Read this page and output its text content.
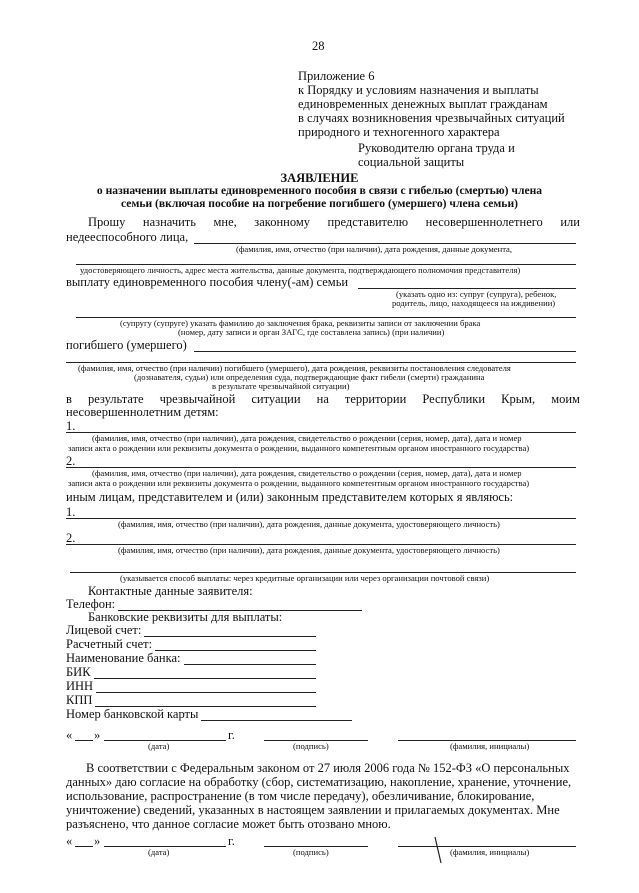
28
Приложение 6
к Порядку и условиям назначения и выплаты
единовременных денежных выплат гражданам
в случаях возникновения чрезвычайных ситуаций
природного и техногенного характера
Руководителю органа труда и
социальной защиты
ЗАЯВЛЕНИЕ
о назначении выплаты единовременного пособия в связи с гибелью (смертью) члена
семьи (включая пособие на погребение погибшего (умершего) члена семьи)
Прошу назначить мне, законному представителю несовершеннолетнего или
недееспособного лица,
(фамилия, имя, отчество (при наличии), дата рождения, данные документа,
удостоверяющего личность, адрес места жительства, данные документа, подтверждающего полномочия представителя)
выплату единовременного пособия члену(-ам) семьи
(указать одно из: супруг (супруга), ребенок,
родитель, лицо, находящееся на иждивении)
(супругу (супруге) указать фамилию до заключения брака, реквизиты записи от заключении брака
(номер, дату записи и орган ЗАГС, где составлена запись) (при наличии)
погибшего (умершего)
(фамилия, имя, отчество (при наличии) погибшего (умершего), дата рождения, реквизиты постановления следователя
(дознавателя, судьи) или определения суда, подтверждающие факт гибели (смерти) гражданина
в результате чрезвычайной ситуации)
в результате чрезвычайной ситуации на территории Республики Крым, моим
несовершеннолетним детям:
1.
(фамилия, имя, отчество (при наличии), дата рождения, свидетельство о рождении (серия, номер, дата), дата и номер
записи акта о рождении или реквизиты документа о рождении, выданного компетентным органом иностранного государства)
2.
(фамилия, имя, отчество (при наличии), дата рождения, свидетельство о рождении (серия, номер, дата), дата и номер
записи акта о рождении или реквизиты документа о рождении, выданного компетентным органом иностранного государства)
иным лицам, представителем и (или) законным представителем которых я являюсь:
1.
(фамилия, имя, отчество (при наличии), дата рождения, данные документа, удостоверяющего личность)
2.
(фамилия, имя, отчество (при наличии), дата рождения, данные документа, удостоверяющего личность)
(указывается способ выплаты: через кредитные организации или через организации почтовой связи)
Контактные данные заявителя:
Телефон:
Банковские реквизиты для выплаты:
Лицевой счет:
Расчетный счет:
Наименование банка:
БИК
ИНН
КПП
Номер банковской карты
« »	г.
(дата)	(подпись)	(фамилия, инициалы)
В соответствии с Федеральным законом от 27 июля 2006 года № 152-ФЗ «О персональных
данных» даю согласие на обработку (сбор, систематизацию, накопление, хранение, уточнение,
использование, распространение (в том числе передачу), обезличивание, блокирование,
уничтожение) сведений, указанных в настоящем заявлении и прилагаемых документах. Мне
разъяснено, что данное согласие может быть отозвано мною.
« »	г.
(дата)	(подпись)	(фамилия, инициалы)
